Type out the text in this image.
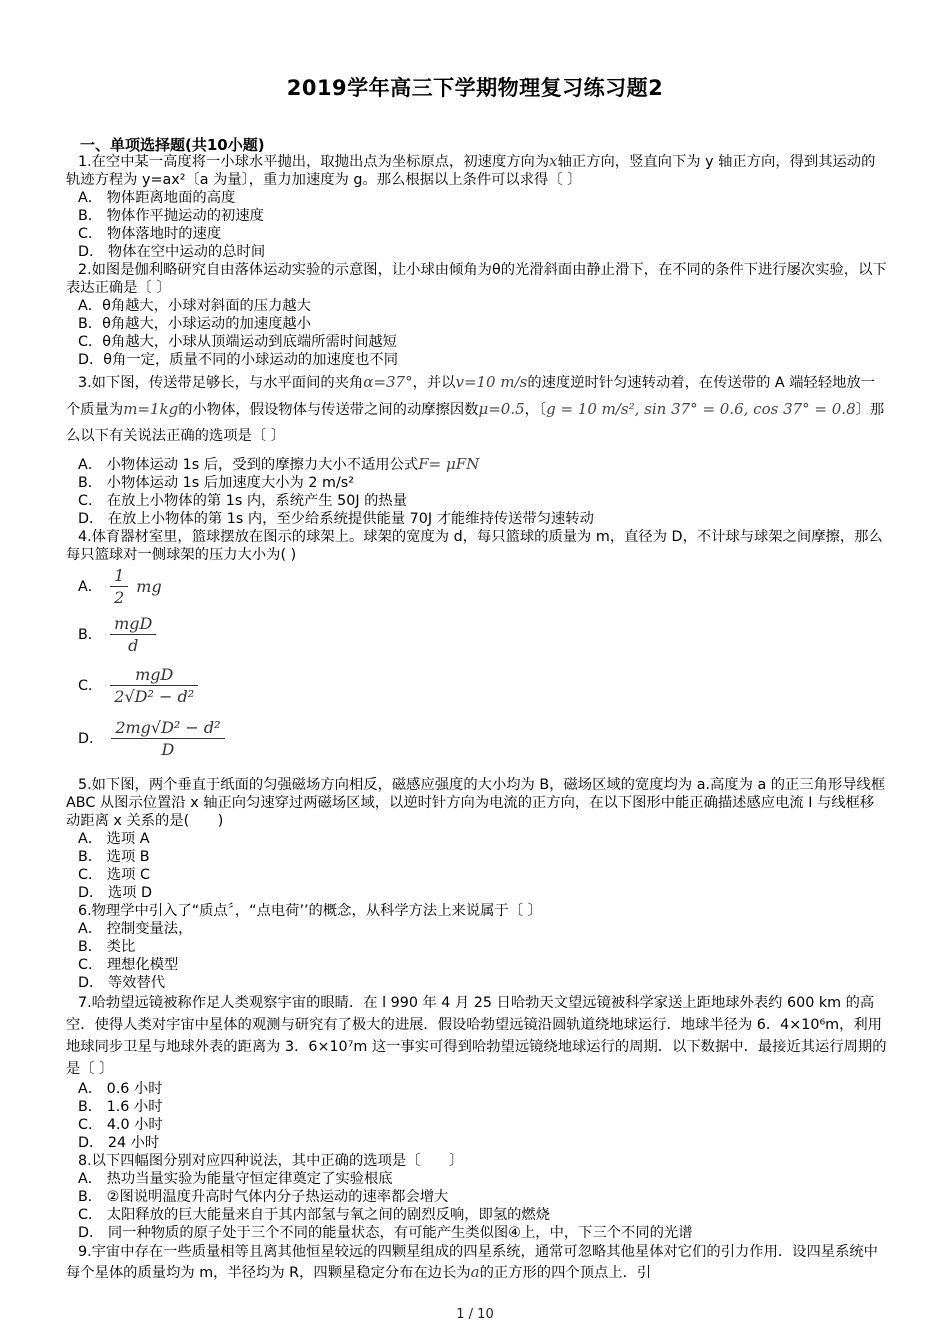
2019学年高三下学期物理复习练习题2
一、单项选择题(共10小题)

1.在空中某一高度将一小球水平抛出，取抛出点为坐标原点，初速度方向为x轴正方向，竖直向下为 y 轴正方向，得到其运动的轨迹方程为 y=ax²〔a 为量〕，重力加速度为 g。那么根据以上条件可以求得〔 〕

A． 物体距离地面的高度

B． 物体作平抛运动的初速度

C． 物体落地时的速度

D． 物体在空中运动的总时间

2.如图是伽利略研究自由落体运动实验的示意图，让小球由倾角为θ的光滑斜面由静止滑下，在不同的条件下进行屡次实验，以下表达正确是〔 〕

A．θ角越大，小球对斜面的压力越大

B．θ角越大，小球运动的加速度越小

C．θ角越大，小球从顶端运动到底端所需时间越短

D．θ角一定，质量不同的小球运动的加速度也不同

3.如下图，传送带足够长，与水平面间的夹角α=37°，并以v=10 m/s的速度逆时针匀速转动着，在传送带的 A 端轻轻地放一个质量为m=1kg的小物体，假设物体与传送带之间的动摩擦因数μ=0.5，〔g = 10 m/s², sin 37° = 0.6, cos 37° = 0.8〕那么以下有关说法正确的选项是〔 〕

A． 小物体运动 1s 后，受到的摩擦力大小不适用公式F= μFN

B． 小物体运动 1s 后加速度大小为 2 m/s²

C． 在放上小物体的第 1s 内，系统产生 50J 的热量

D． 在放上小物体的第 1s 内，至少给系统提供能量 70J 才能维持传送带匀速转动

4.体育器材室里，篮球摆放在图示的球架上。球架的宽度为 d，每只篮球的质量为 m，直径为 D，不计球与球架之间摩擦，那么每只篮球对一侧球架的压力大小为( )

A． $\frac{1}{2}$ mg
B． $\frac{\text{mgD}}{d}$
C． $\frac{\text{mgD}}{\text{2√D² − d²}}$
D． $\frac{\text{2mg√D² − d²}}{D}$

5.如下图，两个垂直于纸面的匀强磁场方向相反，磁感应强度的大小均为 B，磁场区域的宽度均为 a.高度为 a 的正三角形导线框 ABC 从图示位置沿 x 轴正向匀速穿过两磁场区域，以逆时针方向为电流的正方向，在以下图形中能正确描述感应电流 I 与线框移动距离 x 关系的是(　　)

A． 选项 A

B． 选项 B

C． 选项 C

D． 选项 D

6.物理学中引入了“质点〞，“点电荷’’的概念，从科学方法上来说属于〔 〕

A． 控制变量法，

B． 类比

C． 理想化模型

D． 等效替代

7.哈勃望远镜被称作足人类观察宇宙的眼睛．在 l 990 年 4 月 25 日哈勃天文望远镜被科学家送上距地球外表约 600 km 的高空．使得人类对宇宙中星体的观测与研究有了极大的进展．假设哈勃望远镜沿圆轨道绕地球运行．地球半径为 6．4×10⁶m，利用地球同步卫星与地球外表的距离为 3．6×10⁷m 这一事实可得到哈勃望远镜绕地球运行的周期．以下数据中．最接近其运行周期的是〔 〕

A． 0.6 小时

B． 1.6 小时

C． 4.0 小时

D． 24 小时

8.以下四幅图分别对应四种说法，其中正确的选项是〔　　〕

A． 热功当量实验为能量守恒定律奠定了实验根底

B． ②图说明温度升高时气体内分子热运动的速率都会增大

C． 太阳释放的巨大能量来自于其内部氢与氧之间的剧烈反响，即氢的燃烧

D． 同一种物质的原子处于三个不同的能量状态，有可能产生类似图④上，中，下三个不同的光谱

9.宇宙中存在一些质量相等且离其他恒星较远的四颗星组成的四星系统，通常可忽略其他星体对它们的引力作用．设四星系统中每个星体的质量均为 m，半径均为 R，四颗星稳定分布在边长为a的正方形的四个顶点上．引

1 / 10
